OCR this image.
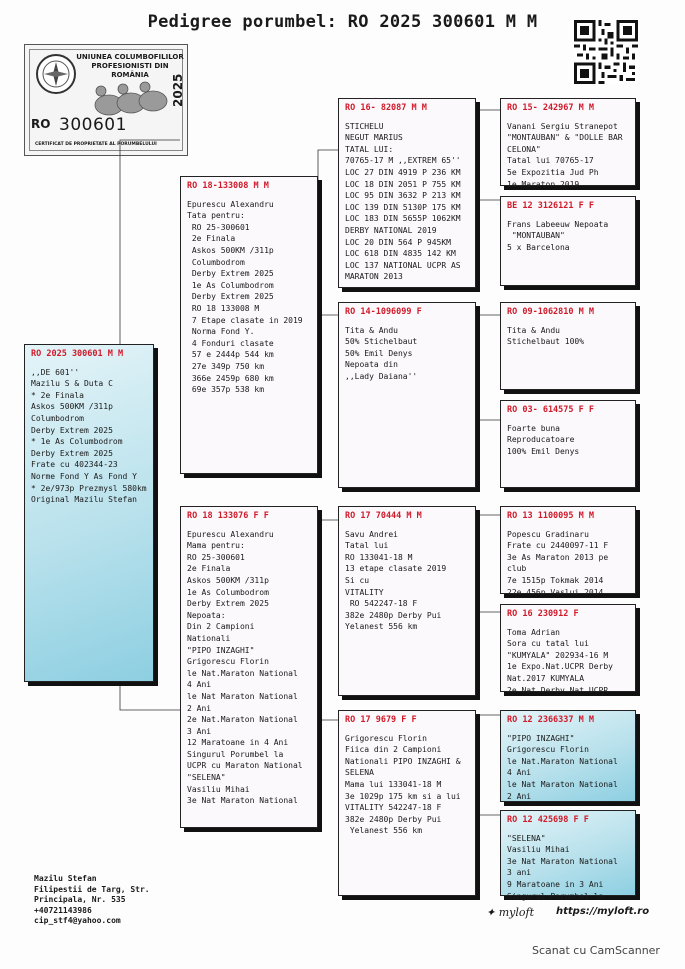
Pedigree porumbel: RO 2025 300601 M M
UNIUNEA COLUMBOFILILOR
PROFESIONISTI DIN ROMÂNIA
RO 300601
2025
CERTIFICAT DE PROPRIETATE AL PORUMBELULUI
RO 2025 300601 M M
,,DE 601''
Mazilu S & Duta C
* 2e Finala
Askos 500KM /311p
Columbodrom
Derby Extrem 2025
* 1e As Columbodrom
Derby Extrem 2025
Frate cu 402344-23
Norme Fond Y As Fond Y
* 2e/973p Prezmysl 580km
Original Mazilu Stefan
RO 18-133008 M M
Epurescu Alexandru
Tata pentru:
RO 25-300601
2e Finala
Askos 500KM /311p
Columbodrom
Derby Extrem 2025
1e As Columbodrom
Derby Extrem 2025
RO 18 133008 M
7 Etape clasate in 2019
Norma Fond Y.
4 Fonduri clasate
57 e 2444p 544 km
27e 349p 750 km
366e 2459p 680 km
69e 357p 538 km
RO 18 133076 F F
Epurescu Alexandru
Mama pentru:
RO 25-300601
2e Finala
Askos 500KM /311p
1e As Columbodrom
Derby Extrem 2025
Nepoata:
Din 2 Campioni
Nationali
"PIPO INZAGHI"
Grigorescu Florin
le Nat.Maraton National
4 Ani
le Nat Maraton National
2 Ani
2e Nat.Maraton National
3 Ani
12 Maratoane in 4 Ani
Singurul Porumbel la
UCPR cu Maraton National
"SELENA"
Vasiliu Mihai
3e Nat Maraton National
RO 16- 82087 M M
STICHELU
NEGUT MARIUS
TATAL LUI:
70765-17 M ,,EXTREM 65''
LOC 27 DIN 4919 P 236 KM
LOC 18 DIN 2051 P 755 KM
LOC 95 DIN 3632 P 213 KM
LOC 139 DIN 5130P 175 KM
LOC 183 DIN 5655P 1062KM
DERBY NATIONAL 2019
LOC 20 DIN 564 P 945KM
LOC 618 DIN 4835 142 KM
LOC 137 NATIONAL UCPR AS
MARATON 2013
RO 14-1096099 F
Tita & Andu
50% Stichelbaut
50% Emil Denys
Nepoata din
,,Lady Daiana''
RO 17 70444 M M
Savu Andrei
Tatal lui
RO 133041-18 M
13 etape clasate 2019
Si cu
VITALITY
RO 542247-18 F
382e 2480p Derby Pui
Yelanest 556 km
RO 17 9679 F F
Grigorescu Florin
Fiica din 2 Campioni
Nationali PIPO INZAGHI &
SELENA
Mama lui 133041-18 M
3e 1029p 175 km si a lui
VITALITY 542247-18 F
382e 2480p Derby Pui
Yelanest 556 km
RO 15- 242967 M M
Vanani Sergiu Stranepot
"MONTAUBAN" & "DOLLE BAR
CELONA"
Tatal lui 70765-17
5e Expozitia Jud Ph
1e Maraton 2019
BE 12 3126121 F F
Frans Labeeuw Nepoata
"MONTAUBAN"
5 x Barcelona
RO 09-1062810 M M
Tita & Andu
Stichelbaut 100%
RO 03- 614575 F F
Foarte buna
Reproducatoare
100% Emil Denys
RO 13 1100095 M M
Popescu Gradinaru
Frate cu 2440097-11 F
3e As Maraton 2013 pe
club
7e 1515p Tokmak 2014
22e 456p Vaslui 2014
RO 16 230912 F
Toma Adrian
Sora cu tatal lui
"KUMYALA" 202934-16 M
1e Expo.Nat.UCPR Derby
Nat.2017 KUMYALA
2e Nat.Derby Nat.UCPR
RO 12 2366337 M M
"PIPO INZAGHI"
Grigorescu Florin
le Nat.Maraton National
4 Ani
le Nat Maraton National
2 Ani
RO 12 425698 F F
"SELENA"
Vasiliu Mihai
3e Nat Maraton National
3 ani
9 Maratoane in 3 Ani
Singurul Porumbel la
Mazilu Stefan
Filipestii de Targ, Str.
Principala, Nr. 535
+40721143986
cip_stf4@yahoo.com
✦ myloft https://myloft.ro
Scanat cu CamScanner
